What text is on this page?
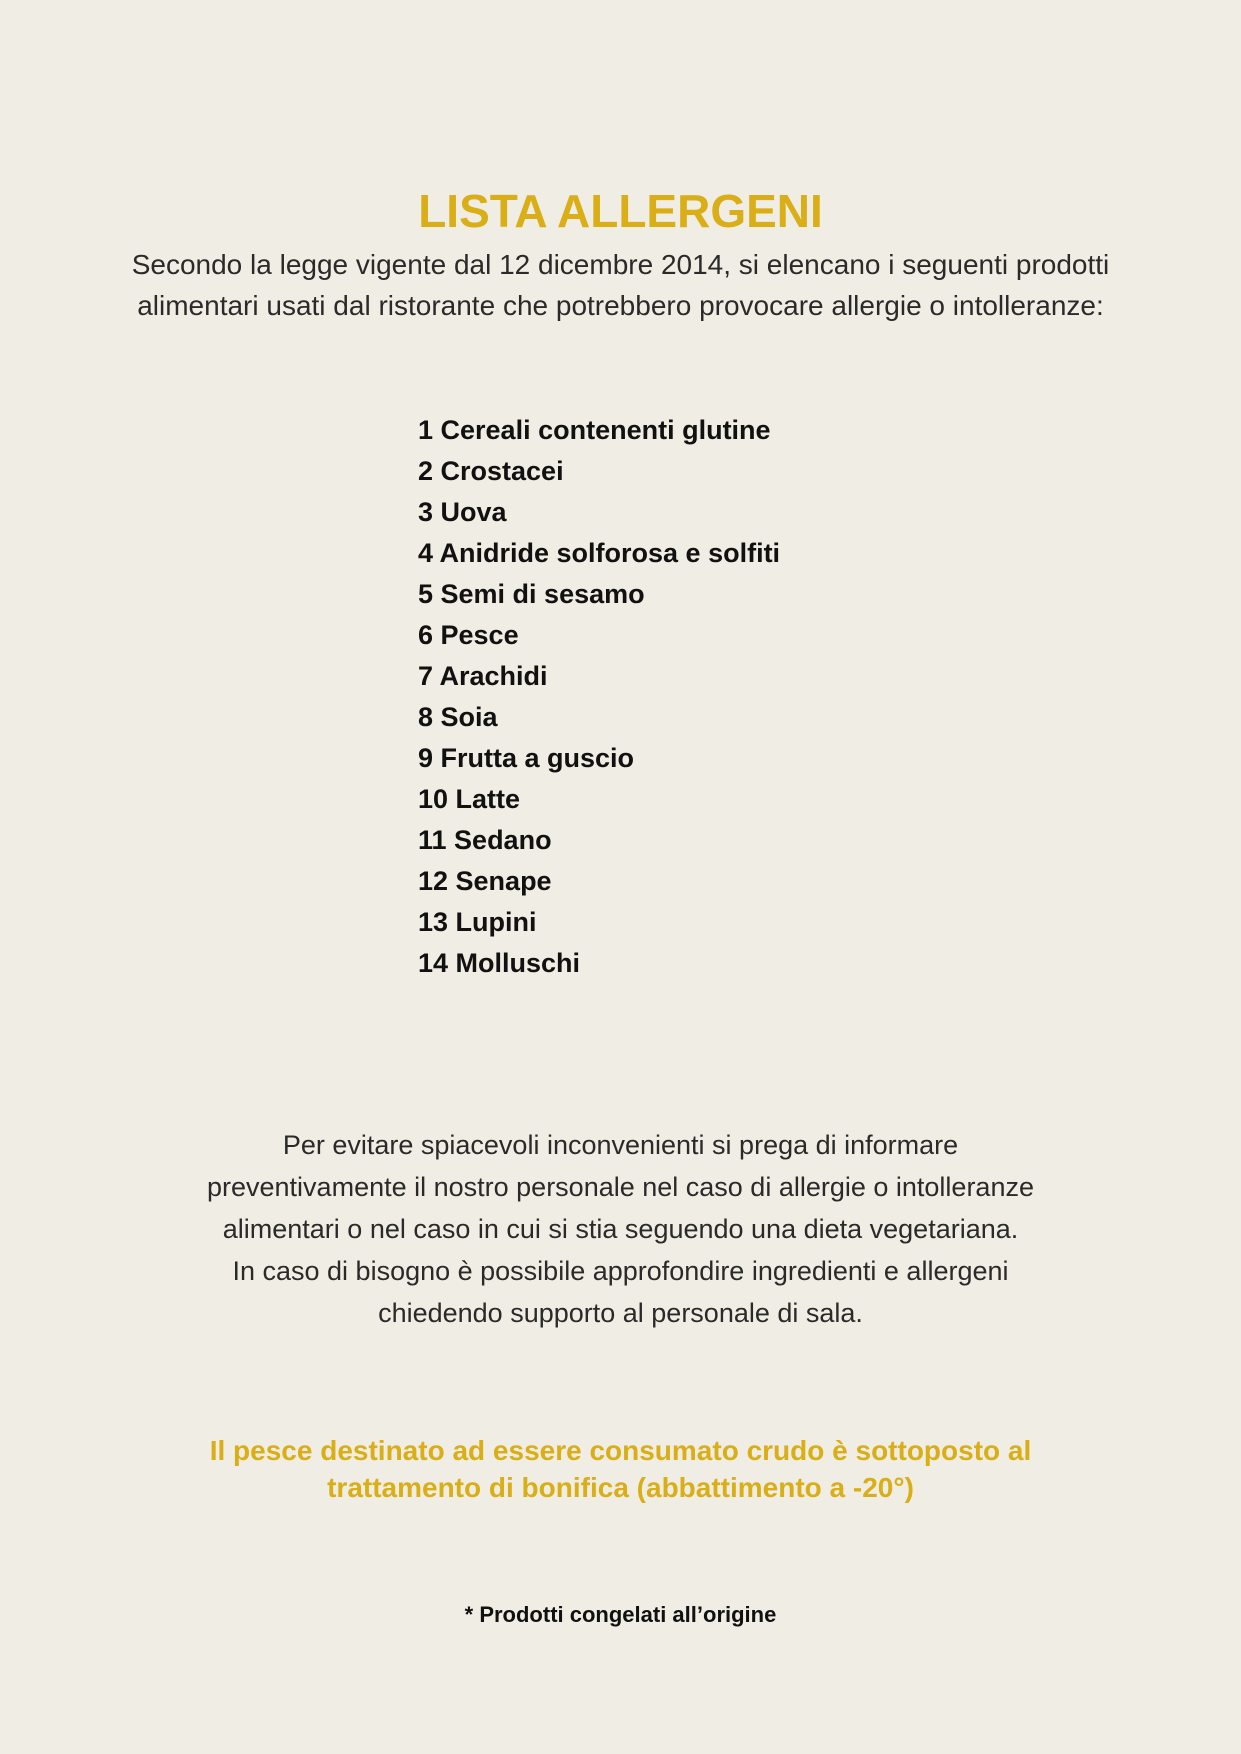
LISTA ALLERGENI

Secondo la legge vigente dal 12 dicembre 2014, si elencano i seguenti prodotti
alimentari usati dal ristorante che potrebbero provocare allergie o intolleranze:

1 Cereali contenenti glutine
2 Crostacei
3 Uova
4 Anidride solforosa e solfiti
5 Semi di sesamo
6 Pesce
7 Arachidi
8 Soia
9 Frutta a guscio
10 Latte
11 Sedano
12 Senape
13 Lupini
14 Molluschi

Per evitare spiacevoli inconvenienti si prega di informare
preventivamente il nostro personale nel caso di allergie o intolleranze
alimentari o nel caso in cui si stia seguendo una dieta vegetariana.
In caso di bisogno è possibile approfondire ingredienti e allergeni
chiedendo supporto al personale di sala.

Il pesce destinato ad essere consumato crudo è sottoposto al
trattamento di bonifica (abbattimento a -20°)

* Prodotti congelati all’origine
